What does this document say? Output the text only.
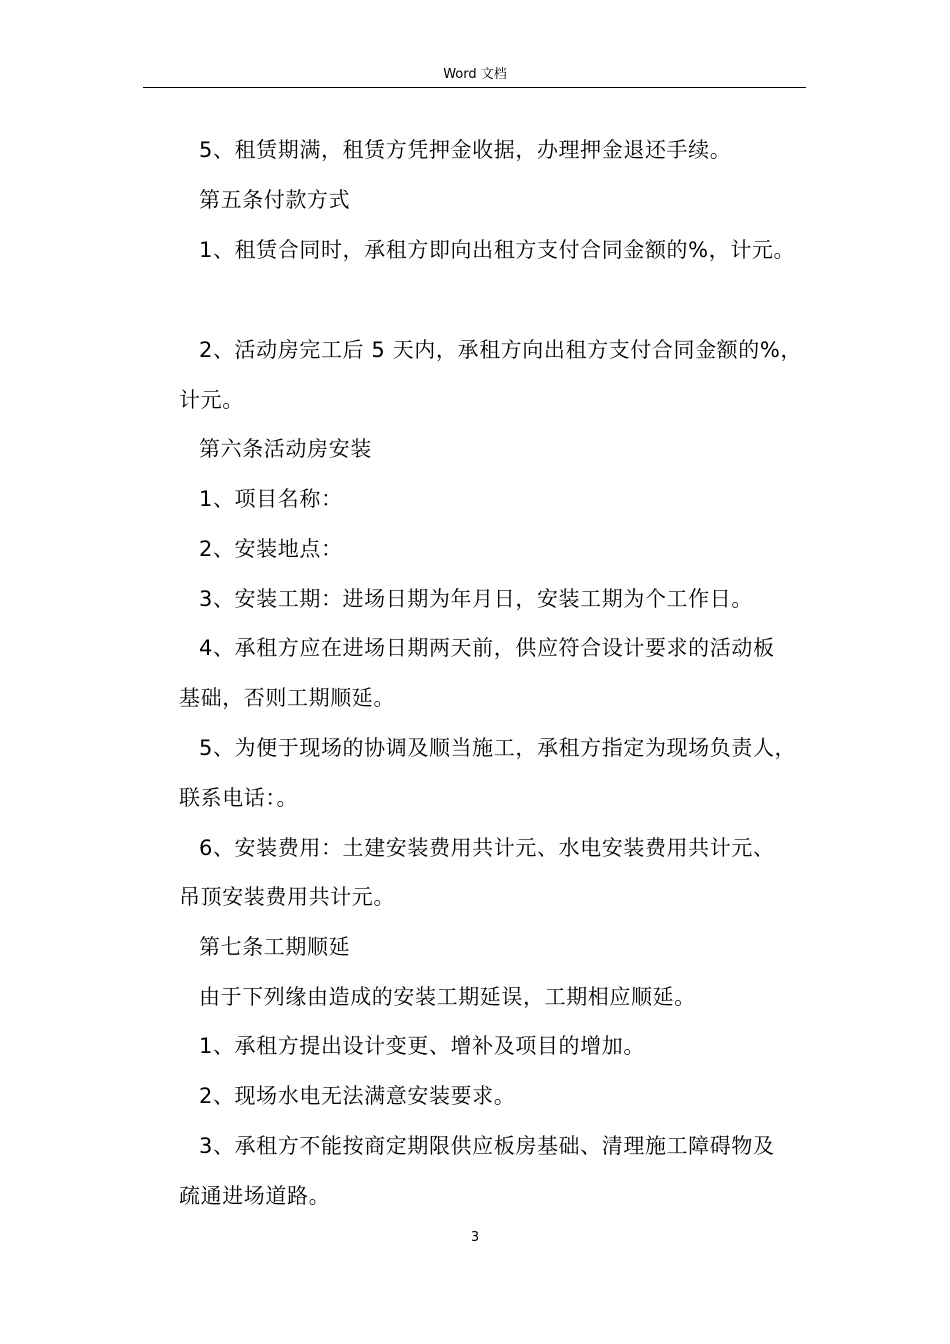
Word 文档
5、租赁期满，租赁方凭押金收据，办理押金退还手续。
第五条付款方式
1、租赁合同时，承租方即向出租方支付合同金额的%，计元。
2、活动房完工后 5 天内，承租方向出租方支付合同金额的%，
计元。
第六条活动房安装
1、项目名称：
2、安装地点：
3、安装工期：进场日期为年月日，安装工期为个工作日。
4、承租方应在进场日期两天前，供应符合设计要求的活动板
基础，否则工期顺延。
5、为便于现场的协调及顺当施工，承租方指定为现场负责人，
联系电话：。
6、安装费用：土建安装费用共计元、水电安装费用共计元、
吊顶安装费用共计元。
第七条工期顺延
由于下列缘由造成的安装工期延误，工期相应顺延。
1、承租方提出设计变更、增补及项目的增加。
2、现场水电无法满意安装要求。
3、承租方不能按商定期限供应板房基础、清理施工障碍物及
疏通进场道路。
3
